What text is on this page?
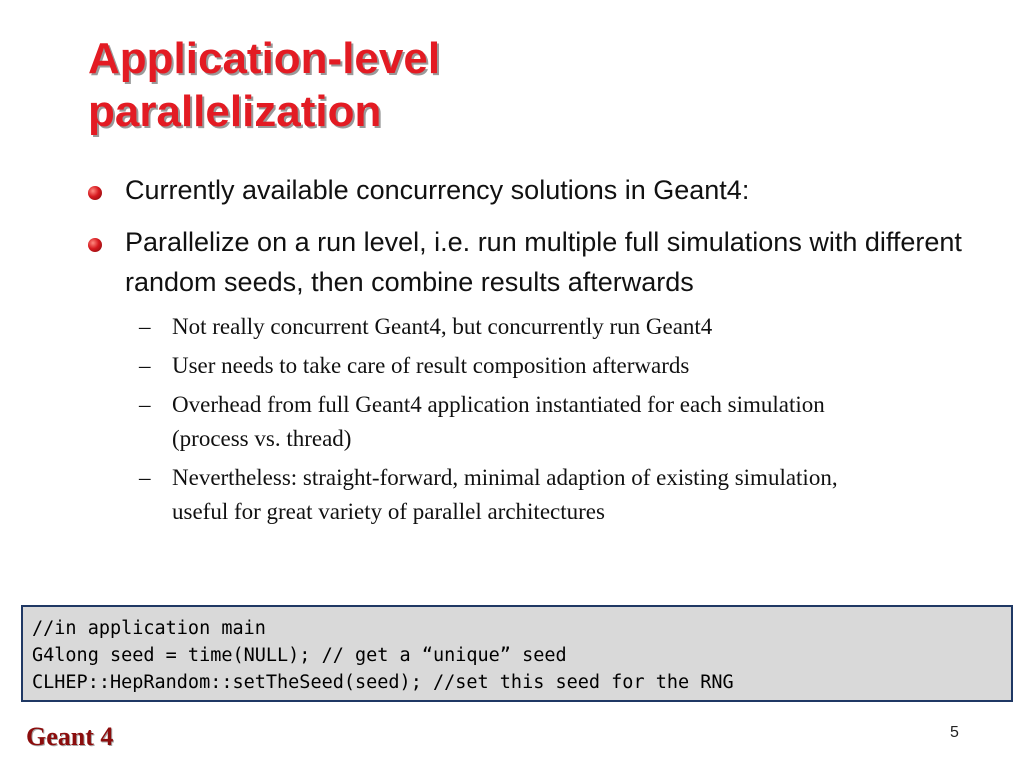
Application-level
parallelization
Currently available concurrency solutions in Geant4:
Parallelize on a run level, i.e. run multiple full simulations with different random seeds, then combine results afterwards
– Not really concurrent Geant4, but concurrently run Geant4
– User needs to take care of result composition afterwards
– Overhead from full Geant4 application instantiated for each simulation (process vs. thread)
– Nevertheless: straight-forward, minimal adaption of existing simulation, useful for great variety of parallel architectures
//in application main
G4long seed = time(NULL); // get a “unique” seed
CLHEP::HepRandom::setTheSeed(seed); //set this seed for the RNG
Geant 4	5
